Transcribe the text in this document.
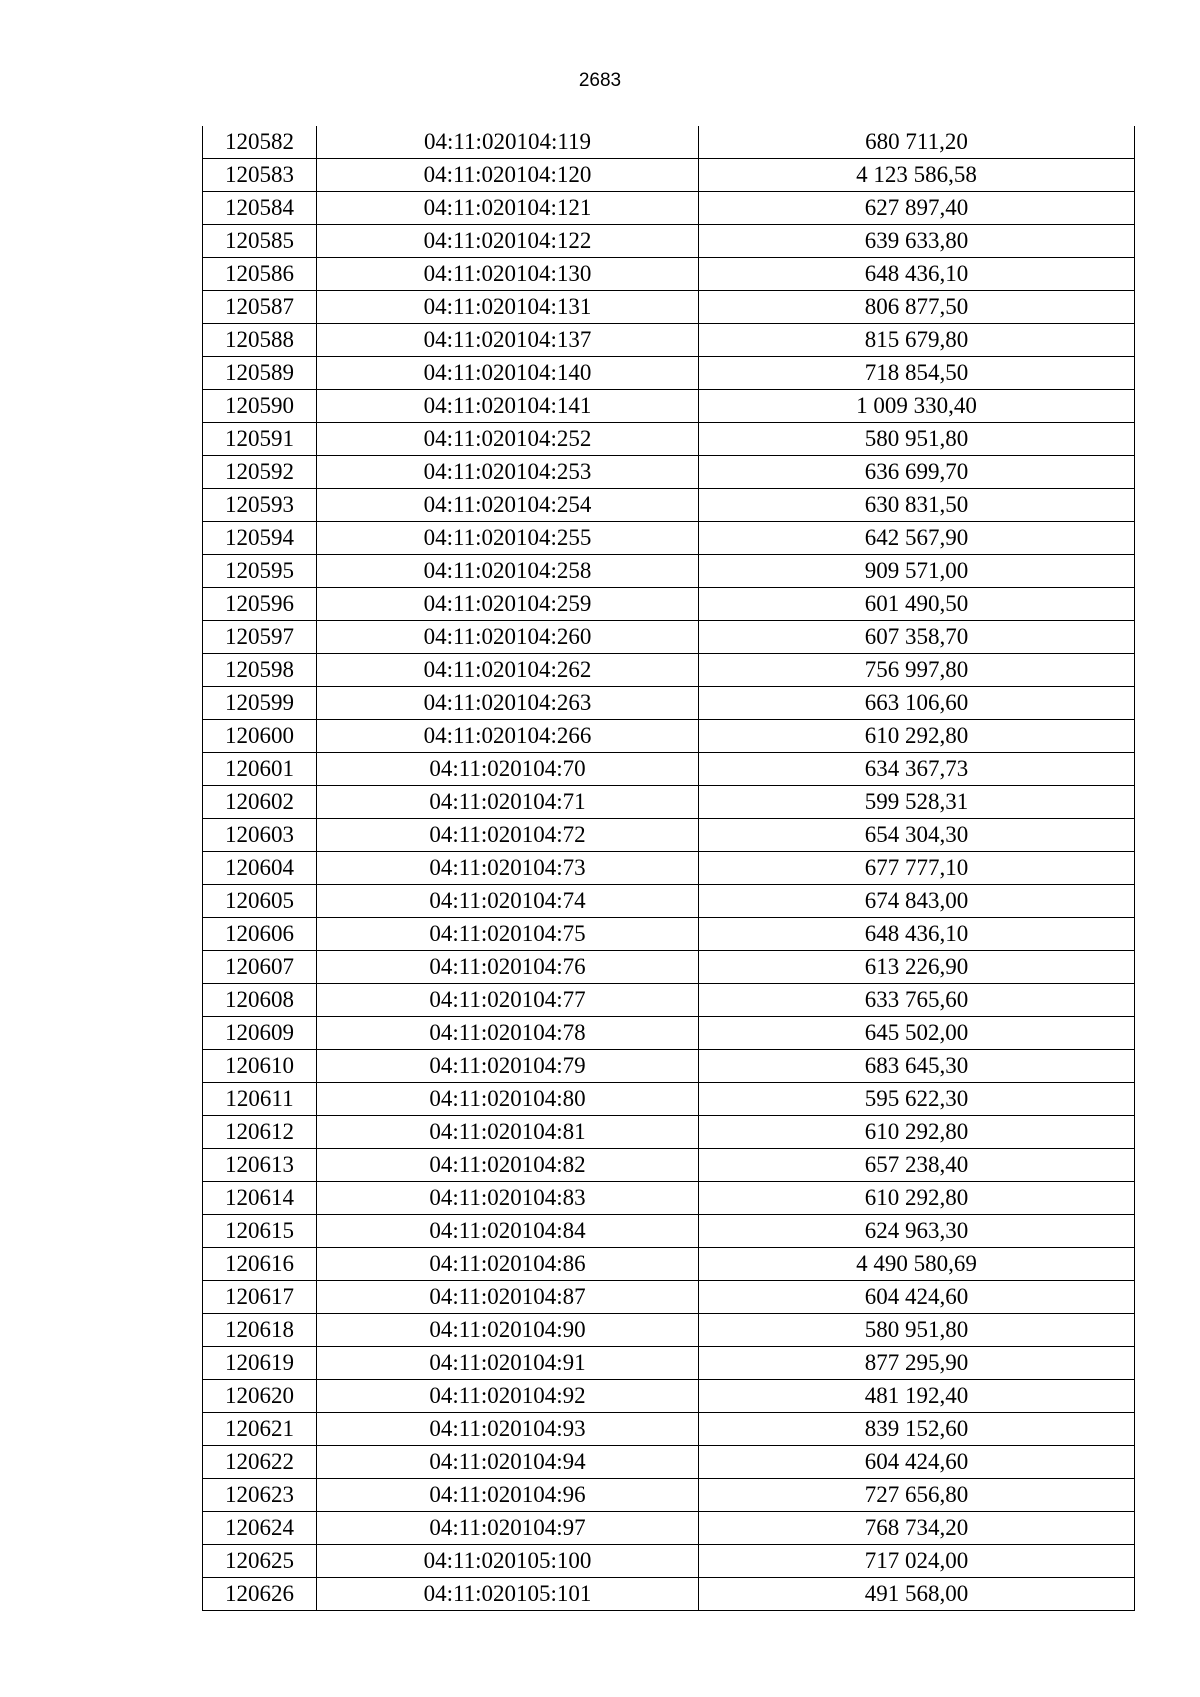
2683
120582	04:11:020104:119	680 711,20
120583	04:11:020104:120	4 123 586,58
120584	04:11:020104:121	627 897,40
120585	04:11:020104:122	639 633,80
120586	04:11:020104:130	648 436,10
120587	04:11:020104:131	806 877,50
120588	04:11:020104:137	815 679,80
120589	04:11:020104:140	718 854,50
120590	04:11:020104:141	1 009 330,40
120591	04:11:020104:252	580 951,80
120592	04:11:020104:253	636 699,70
120593	04:11:020104:254	630 831,50
120594	04:11:020104:255	642 567,90
120595	04:11:020104:258	909 571,00
120596	04:11:020104:259	601 490,50
120597	04:11:020104:260	607 358,70
120598	04:11:020104:262	756 997,80
120599	04:11:020104:263	663 106,60
120600	04:11:020104:266	610 292,80
120601	04:11:020104:70	634 367,73
120602	04:11:020104:71	599 528,31
120603	04:11:020104:72	654 304,30
120604	04:11:020104:73	677 777,10
120605	04:11:020104:74	674 843,00
120606	04:11:020104:75	648 436,10
120607	04:11:020104:76	613 226,90
120608	04:11:020104:77	633 765,60
120609	04:11:020104:78	645 502,00
120610	04:11:020104:79	683 645,30
120611	04:11:020104:80	595 622,30
120612	04:11:020104:81	610 292,80
120613	04:11:020104:82	657 238,40
120614	04:11:020104:83	610 292,80
120615	04:11:020104:84	624 963,30
120616	04:11:020104:86	4 490 580,69
120617	04:11:020104:87	604 424,60
120618	04:11:020104:90	580 951,80
120619	04:11:020104:91	877 295,90
120620	04:11:020104:92	481 192,40
120621	04:11:020104:93	839 152,60
120622	04:11:020104:94	604 424,60
120623	04:11:020104:96	727 656,80
120624	04:11:020104:97	768 734,20
120625	04:11:020105:100	717 024,00
120626	04:11:020105:101	491 568,00
